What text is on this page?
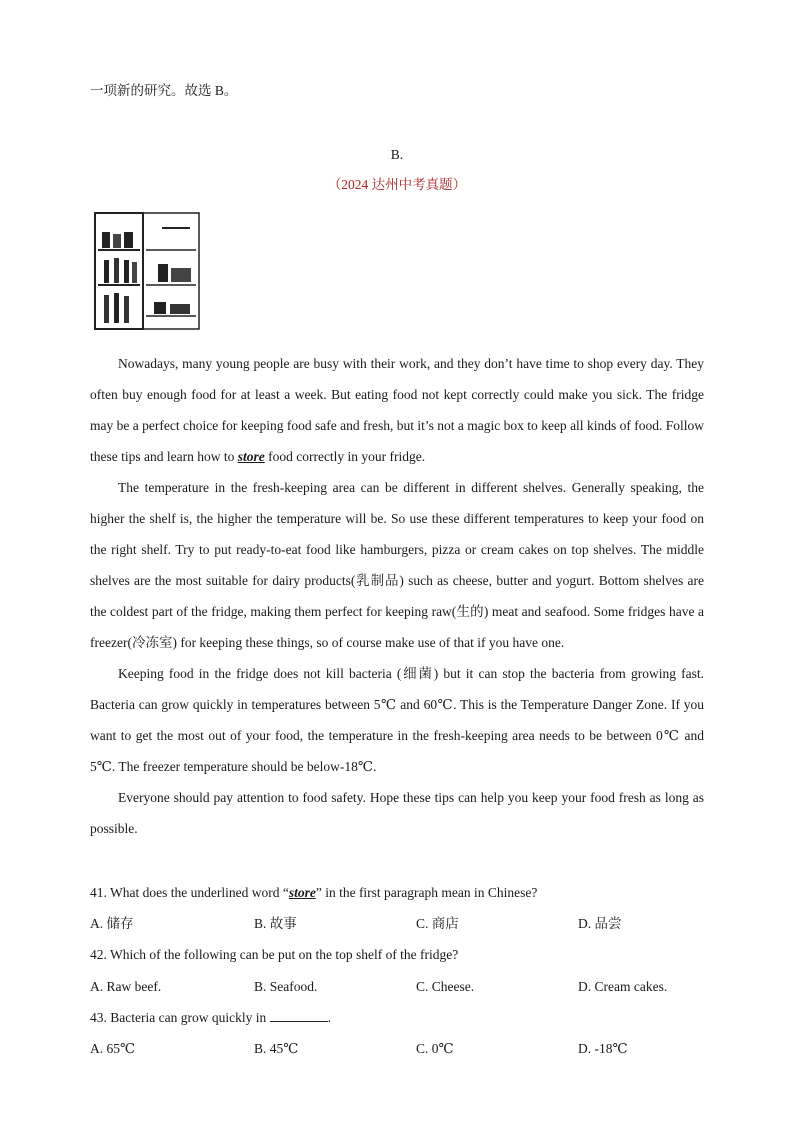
一项新的研究。故选 B。
B.
（2024 达州中考真题）

Nowadays, many young people are busy with their work, and they don’t have time to shop every day. They often buy enough food for at least a week. But eating food not kept correctly could make you sick. The fridge may be a perfect choice for keeping food safe and fresh, but it’s not a magic box to keep all kinds of food. Follow these tips and learn how to store food correctly in your fridge.

The temperature in the fresh-keeping area can be different in different shelves. Generally speaking, the higher the shelf is, the higher the temperature will be. So use these different temperatures to keep your food on the right shelf. Try to put ready-to-eat food like hamburgers, pizza or cream cakes on top shelves. The middle shelves are the most suitable for dairy products(乳制品) such as cheese, butter and yogurt. Bottom shelves are the coldest part of the fridge, making them perfect for keeping raw(生的) meat and seafood. Some fridges have a freezer(冷冻室) for keeping these things, so of course make use of that if you have one.

Keeping food in the fridge does not kill bacteria (细菌) but it can stop the bacteria from growing fast. Bacteria can grow quickly in temperatures between 5℃ and 60℃. This is the Temperature Danger Zone. If you want to get the most out of your food, the temperature in the fresh-keeping area needs to be between 0℃ and 5℃. The freezer temperature should be below-18℃.

Everyone should pay attention to food safety. Hope these tips can help you keep your food fresh as long as possible.

41. What does the underlined word “store” in the first paragraph mean in Chinese?
A. 储存	B. 故事	C. 商店	D. 品尝
42. Which of the following can be put on the top shelf of the fridge?
A. Raw beef.	B. Seafood.	C. Cheese.	D. Cream cakes.
43. Bacteria can grow quickly in	.
A. 65℃	B. 45℃	C. 0℃	D. -18℃
